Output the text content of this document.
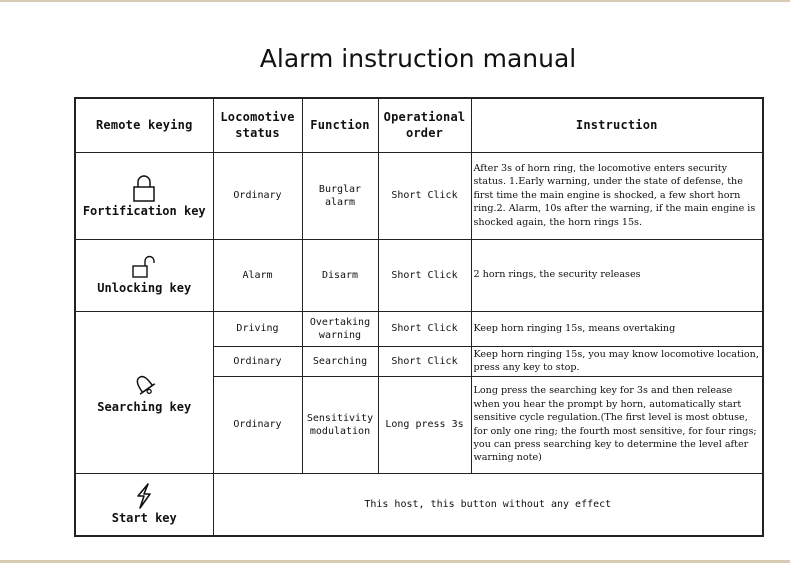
Alarm instruction manual
Remote keying	Locomotive status	Function	Operational order	Instruction

Fortification key	Ordinary	Burglar alarm	Short Click	After 3s of horn ring, the locomotive enters security status. 1.Early warning, under the state of defense, the first time the main engine is shocked, a few short horn ring.2. Alarm, 10s after the warning, if the main engine is shocked again, the horn rings 15s.

Unlocking key	Alarm	Disarm	Short Click	2 horn rings, the security releases

Searching key	Driving	Overtaking warning	Short Click	Keep horn ringing 15s, means overtaking
	Ordinary	Searching	Short Click	Keep horn ringing 15s, you may know locomotive location, press any key to stop.
	Ordinary	Sensitivity modulation	Long press 3s	Long press the searching key for 3s and then release when you hear the prompt by horn, automatically start sensitive cycle regulation.(The first level is most obtuse, for only one ring; the fourth most sensitive, for four rings; you can press searching key to determine the level after warning note)

Start key	This host, this button without any effect			
